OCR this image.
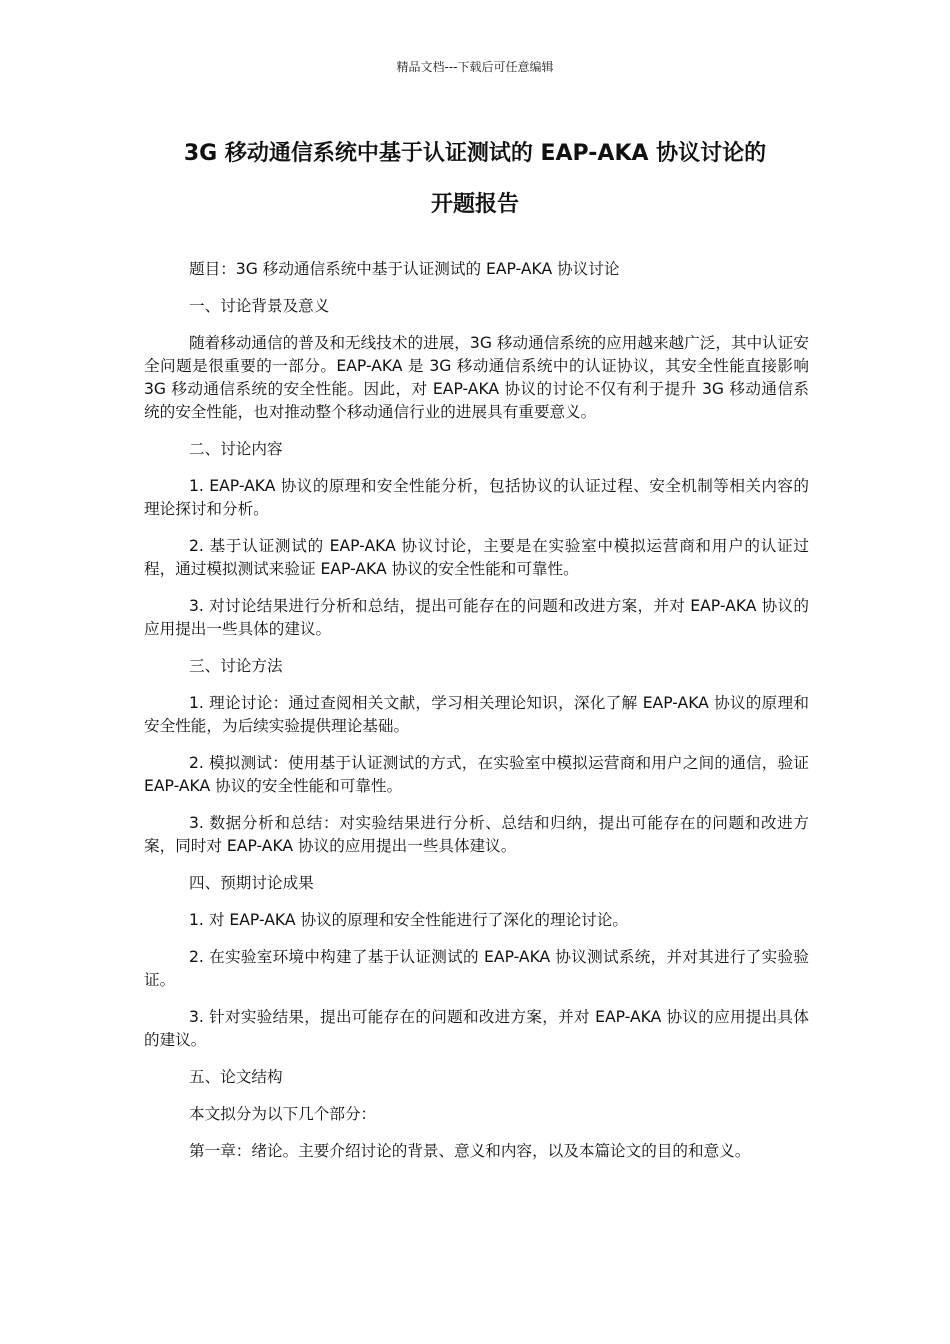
精品文档---下载后可任意编辑
3G 移动通信系统中基于认证测试的 EAP-AKA 协议讨论的
开题报告

题目：3G 移动通信系统中基于认证测试的 EAP-AKA 协议讨论

一、讨论背景及意义

随着移动通信的普及和无线技术的进展，3G 移动通信系统的应用越来越广泛，其中认证安全问题是很重要的一部分。EAP-AKA 是 3G 移动通信系统中的认证协议，其安全性能直接影响 3G 移动通信系统的安全性能。因此，对 EAP-AKA 协议的讨论不仅有利于提升 3G 移动通信系统的安全性能，也对推动整个移动通信行业的进展具有重要意义。

二、讨论内容

1. EAP-AKA 协议的原理和安全性能分析，包括协议的认证过程、安全机制等相关内容的理论探讨和分析。

2. 基于认证测试的 EAP-AKA 协议讨论，主要是在实验室中模拟运营商和用户的认证过程，通过模拟测试来验证 EAP-AKA 协议的安全性能和可靠性。

3. 对讨论结果进行分析和总结，提出可能存在的问题和改进方案，并对 EAP-AKA 协议的应用提出一些具体的建议。

三、讨论方法

1. 理论讨论：通过查阅相关文献，学习相关理论知识，深化了解 EAP-AKA 协议的原理和安全性能，为后续实验提供理论基础。

2. 模拟测试：使用基于认证测试的方式，在实验室中模拟运营商和用户之间的通信，验证 EAP-AKA 协议的安全性能和可靠性。

3. 数据分析和总结：对实验结果进行分析、总结和归纳，提出可能存在的问题和改进方案，同时对 EAP-AKA 协议的应用提出一些具体建议。

四、预期讨论成果

1. 对 EAP-AKA 协议的原理和安全性能进行了深化的理论讨论。

2. 在实验室环境中构建了基于认证测试的 EAP-AKA 协议测试系统，并对其进行了实验验证。

3. 针对实验结果，提出可能存在的问题和改进方案，并对 EAP-AKA 协议的应用提出具体的建议。

五、论文结构

本文拟分为以下几个部分：

第一章：绪论。主要介绍讨论的背景、意义和内容，以及本篇论文的目的和意义。
